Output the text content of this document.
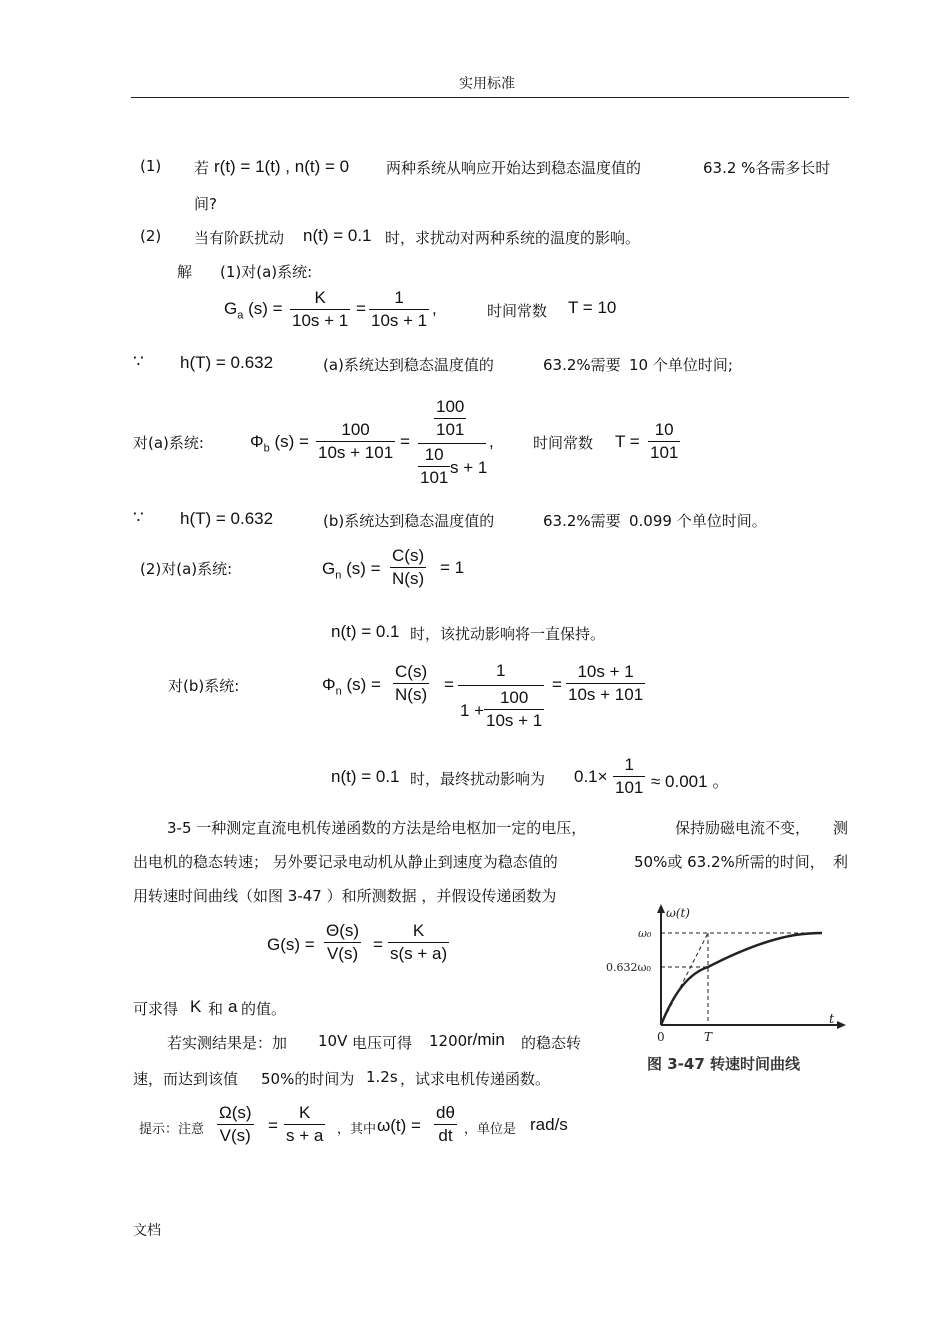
实用标准
(1) 若 r(t) = 1(t) , n(t) = 0 两种系统从响应开始达到稳态温度值的	63.2 %各需多长时
间?
(2) 当有阶跃扰动 n(t) = 0.1 时，求扰动对两种系统的温度的影响。
解 (1)对(a)系统:
$G_a$ (s) =
K
10s + 1
=
1
10s + 1
,	时间常数 T = 10
∵ h(T) = 0.632	(a)系统达到稳态温度值的	63.2%需要 10 个单位时间;
对(a)系统:	$\Phi_b$ (s) =
100
10s + 101
=
100
101
10
101
s + 1
,	时间常数 T =
10
101
∵ h(T) = 0.632	(b)系统达到稳态温度值的	63.2%需要 0.099 个单位时间。
(2)对(a)系统:	$G_n$ (s) =
C(s)
N(s)
= 1
n(t) = 0.1 时，该扰动影响将一直保持。
对(b)系统:	$\Phi_n$ (s) =
C(s)
N(s)
=
1
1 +
100
10s + 1
=
10s + 1
10s + 101
n(t) = 0.1 时，最终扰动影响为 0.1×
1
101 ≈ 0.001 。
3-5 一种测定直流电机传递函数的方法是给电枢加一定的电压，	保持励磁电流不变， 测
出电机的稳态转速； 另外要记录电动机从静止到速度为稳态值的	50%或 63.2%所需的时间， 利
用转速时间曲线（如图 3-47 ）和所测数据 ，并假设传递函数为
G(s) =
Θ(s)
V(s) =
K
s(s + a)
可求得 K 和 a 的值。
若实测结果是：加 10V 电压可得 1200 r/min 的稳态转
速，而达到该值 50%的时间为 1.2s ，试求电机传递函数。
提示：注意
Ω(s)
V(s)
=
K
s + a ，其中 ω(t) =
dθ
dt ，单位是 rad/s
ω(t)
ω₀
0.632ω₀
0	T
t
图 3-47 转速时间曲线
文档
